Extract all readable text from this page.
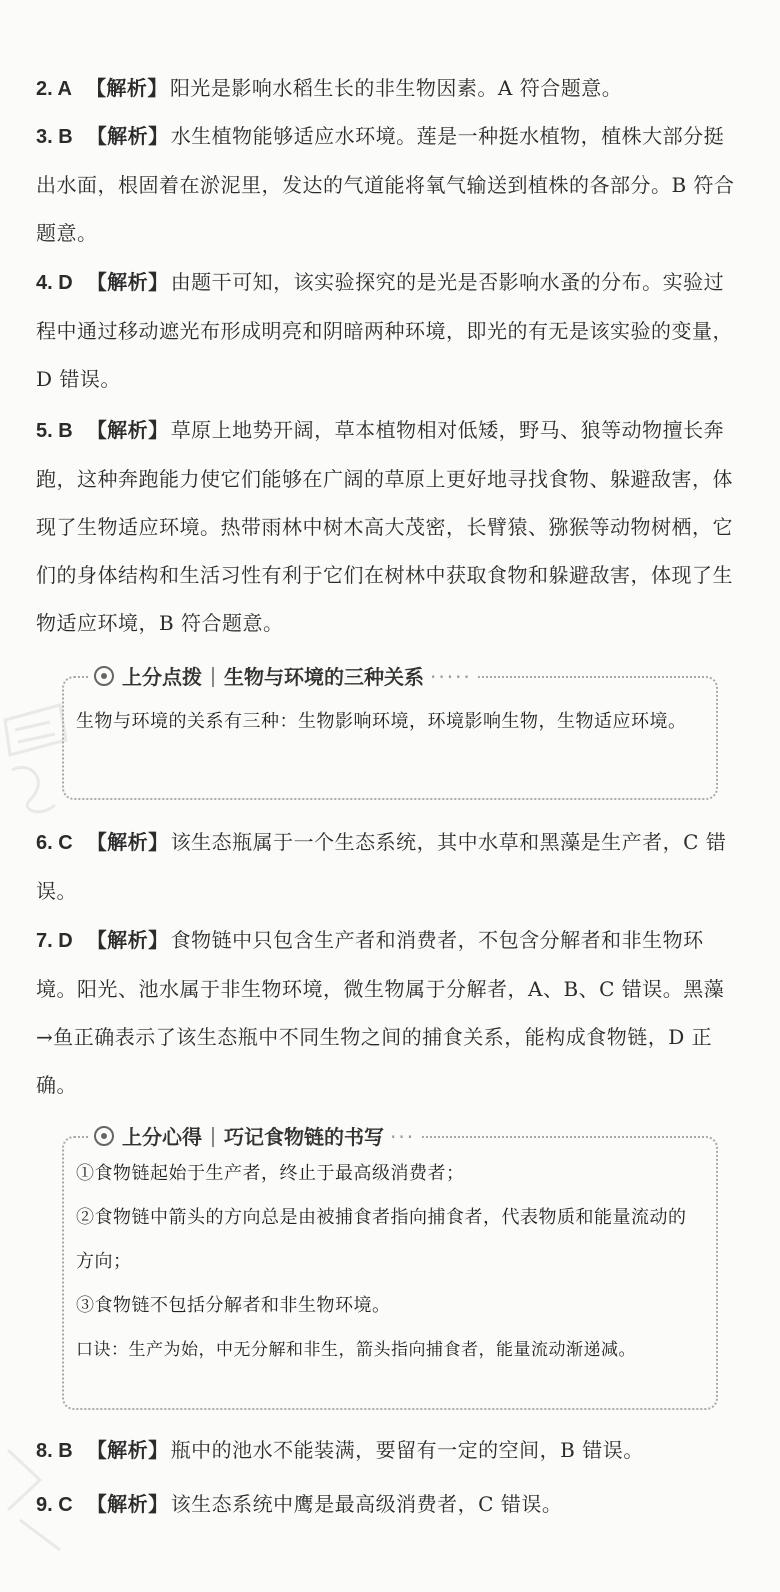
2. A 【解析】 阳光是影响水稻生长的非生物因素。A 符合题意。
3. B 【解析】 水生植物能够适应水环境。莲是一种挺水植物，植株大部分挺出水面，根固着在淤泥里，发达的气道能将氧气输送到植株的各部分。B 符合题意。
4. D 【解析】 由题干可知，该实验探究的是光是否影响水蚤的分布。实验过程中通过移动遮光布形成明亮和阴暗两种环境，即光的有无是该实验的变量，D 错误。
5. B 【解析】 草原上地势开阔，草本植物相对低矮，野马、狼等动物擅长奔跑，这种奔跑能力使它们能够在广阔的草原上更好地寻找食物、躲避敌害，体现了生物适应环境。热带雨林中树木高大茂密，长臂猿、猕猴等动物树栖，它们的身体结构和生活习性有利于它们在树林中获取食物和躲避敌害，体现了生物适应环境，B 符合题意。
上分点拨 生物与环境的三种关系 ·····

生物与环境的关系有三种：生物影响环境，环境影响生物，生物适应环境。

6. C 【解析】 该生态瓶属于一个生态系统，其中水草和黑藻是生产者，C 错误。
7. D 【解析】 食物链中只包含生产者和消费者，不包含分解者和非生物环境。阳光、池水属于非生物环境，微生物属于分解者，A、B、C 错误。黑藻→鱼正确表示了该生态瓶中不同生物之间的捕食关系，能构成食物链，D 正确。
上分心得 巧记食物链的书写 ···

①食物链起始于生产者，终止于最高级消费者；

②食物链中箭头的方向总是由被捕食者指向捕食者，代表物质和能量流动的方向；

③食物链不包括分解者和非生物环境。

口诀：生产为始，中无分解和非生，箭头指向捕食者，能量流动渐递减。

8. B 【解析】 瓶中的池水不能装满，要留有一定的空间，B 错误。
9. C 【解析】 该生态系统中鹰是最高级消费者，C 错误。
